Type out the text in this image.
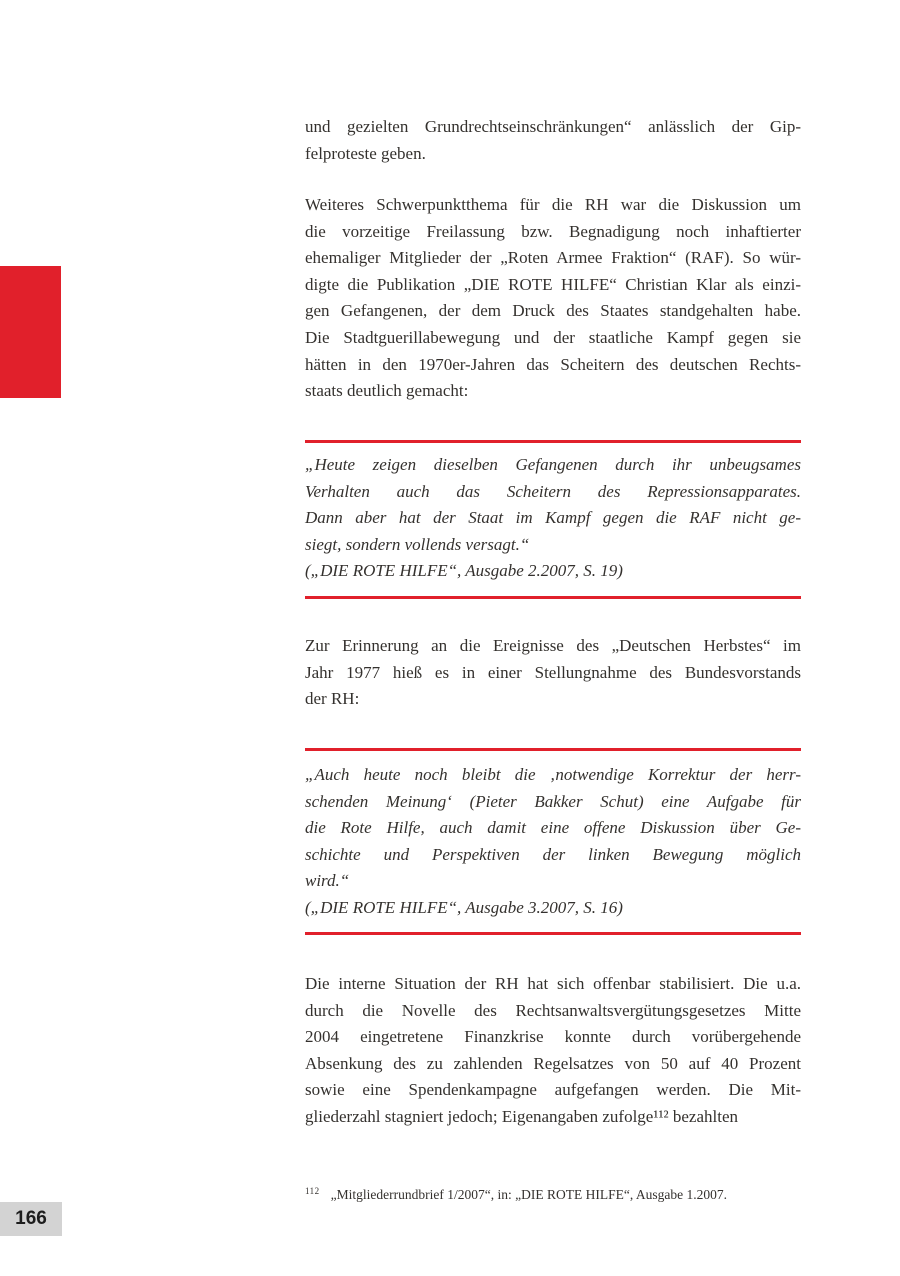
und gezielten Grundrechtseinschränkungen“ anlässlich der Gip-
felproteste geben.
Weiteres Schwerpunktthema für die RH war die Diskussion um
die vorzeitige Freilassung bzw. Begnadigung noch inhaftierter
ehemaliger Mitglieder der „Roten Armee Fraktion“ (RAF). So wür-
digte die Publikation „DIE ROTE HILFE“ Christian Klar als einzi-
gen Gefangenen, der dem Druck des Staates standgehalten habe.
Die Stadtguerillabewegung und der staatliche Kampf gegen sie
hätten in den 1970er-Jahren das Scheitern des deutschen Rechts-
staats deutlich gemacht:
„Heute zeigen dieselben Gefangenen durch ihr unbeugsames
Verhalten auch das Scheitern des Repressionsapparates.
Dann aber hat der Staat im Kampf gegen die RAF nicht ge-
siegt, sondern vollends versagt.“
(„DIE ROTE HILFE“, Ausgabe 2.2007, S. 19)
Zur Erinnerung an die Ereignisse des „Deutschen Herbstes“ im
Jahr 1977 hieß es in einer Stellungnahme des Bundesvorstands
der RH:
„Auch heute noch bleibt die ‚notwendige Korrektur der herr-
schenden Meinung‘ (Pieter Bakker Schut) eine Aufgabe für
die Rote Hilfe, auch damit eine offene Diskussion über Ge-
schichte und Perspektiven der linken Bewegung möglich
wird.“
(„DIE ROTE HILFE“, Ausgabe 3.2007, S. 16)
Die interne Situation der RH hat sich offenbar stabilisiert. Die u.a.
durch die Novelle des Rechtsanwaltsvergütungsgesetzes Mitte
2004 eingetretene Finanzkrise konnte durch vorübergehende
Absenkung des zu zahlenden Regelsatzes von 50 auf 40 Prozent
sowie eine Spendenkampagne aufgefangen werden. Die Mit-
gliederzahl stagniert jedoch; Eigenangaben zufolge¹¹² bezahlten
$^{112}$ „Mitgliederrundbrief 1/2007“, in: „DIE ROTE HILFE“, Ausgabe 1.2007.
166
